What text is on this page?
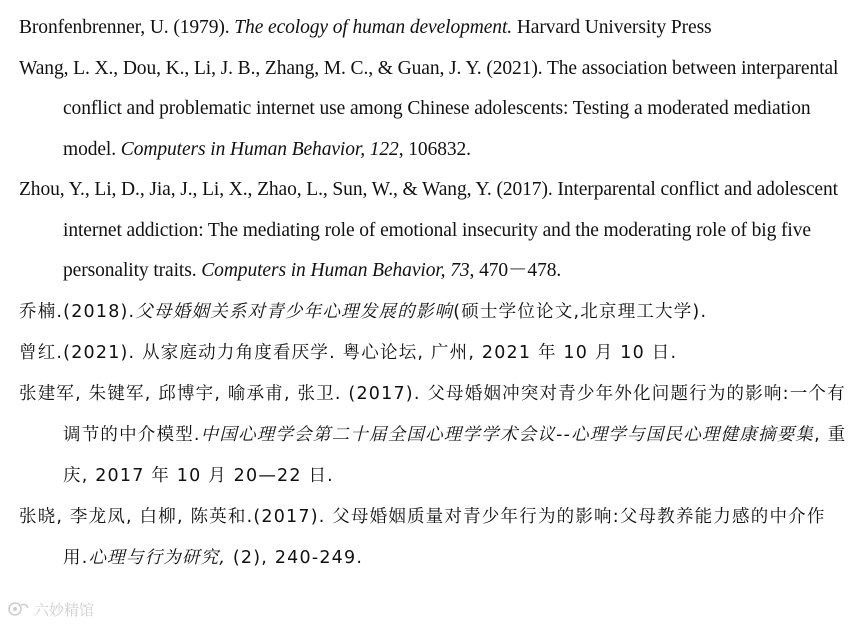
Bronfenbrenner, U. (1979). The ecology of human development. Harvard University Press
Wang, L. X., Dou, K., Li, J. B., Zhang, M. C., & Guan, J. Y. (2021). The association between interparental conflict and problematic internet use among Chinese adolescents: Testing a moderated mediation model. Computers in Human Behavior, 122, 106832.
Zhou, Y., Li, D., Jia, J., Li, X., Zhao, L., Sun, W., & Wang, Y. (2017). Interparental conflict and adolescent internet addiction: The mediating role of emotional insecurity and the moderating role of big five personality traits. Computers in Human Behavior, 73, 470－478.
乔楠.(2018).父母婚姻关系对青少年心理发展的影响(硕士学位论文,北京理工大学).
曾红.(2021). 从家庭动力角度看厌学. 粤心论坛, 广州, 2021 年 10 月 10 日.
张建军, 朱键军, 邱博宇, 喻承甫, 张卫. (2017). 父母婚姻冲突对青少年外化问题行为的影响:一个有调节的中介模型.中国心理学会第二十届全国心理学学术会议--心理学与国民心理健康摘要集, 重庆, 2017 年 10 月 20—22 日.
张晓, 李龙凤, 白柳, 陈英和.(2017). 父母婚姻质量对青少年行为的影响:父母教养能力感的中介作用.心理与行为研究, (2), 240-249.
六妙精馆
